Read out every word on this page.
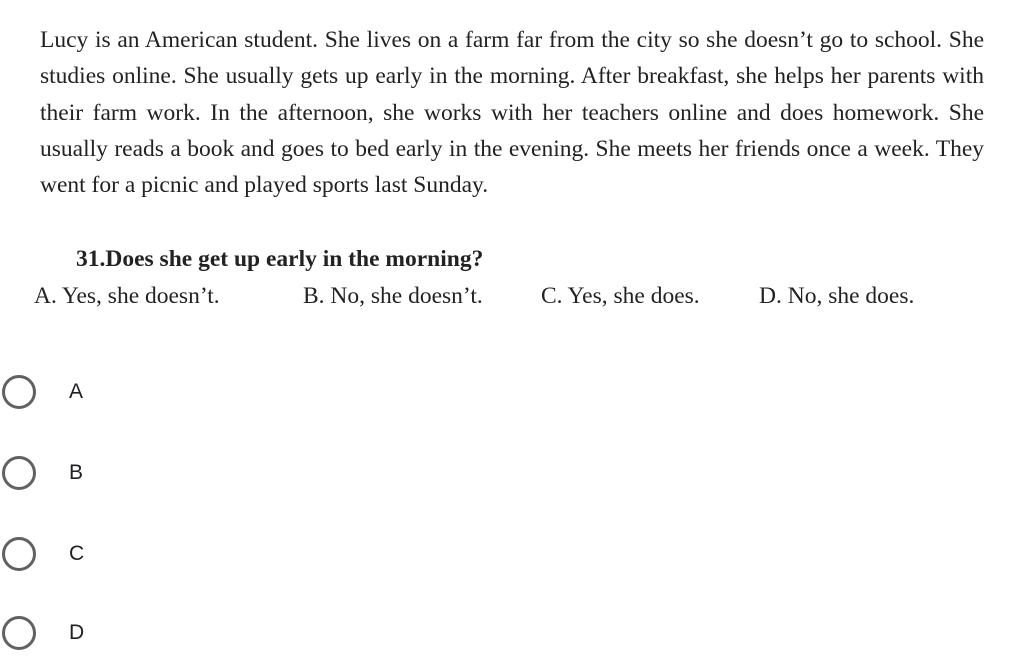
Lucy is an American student. She lives on a farm far from the city so she doesn’t go to school. She studies online. She usually gets up early in the morning. After breakfast, she helps her parents with their farm work. In the afternoon, she works with her teachers online and does homework. She usually reads a book and goes to bed early in the evening. She meets her friends once a week. They went for a picnic and played sports last Sunday.
31.Does she get up early in the morning?
A. Yes, she doesn’t.	B. No, she doesn’t. C. Yes, she does.	D. No, she does.
A
B
C
D
